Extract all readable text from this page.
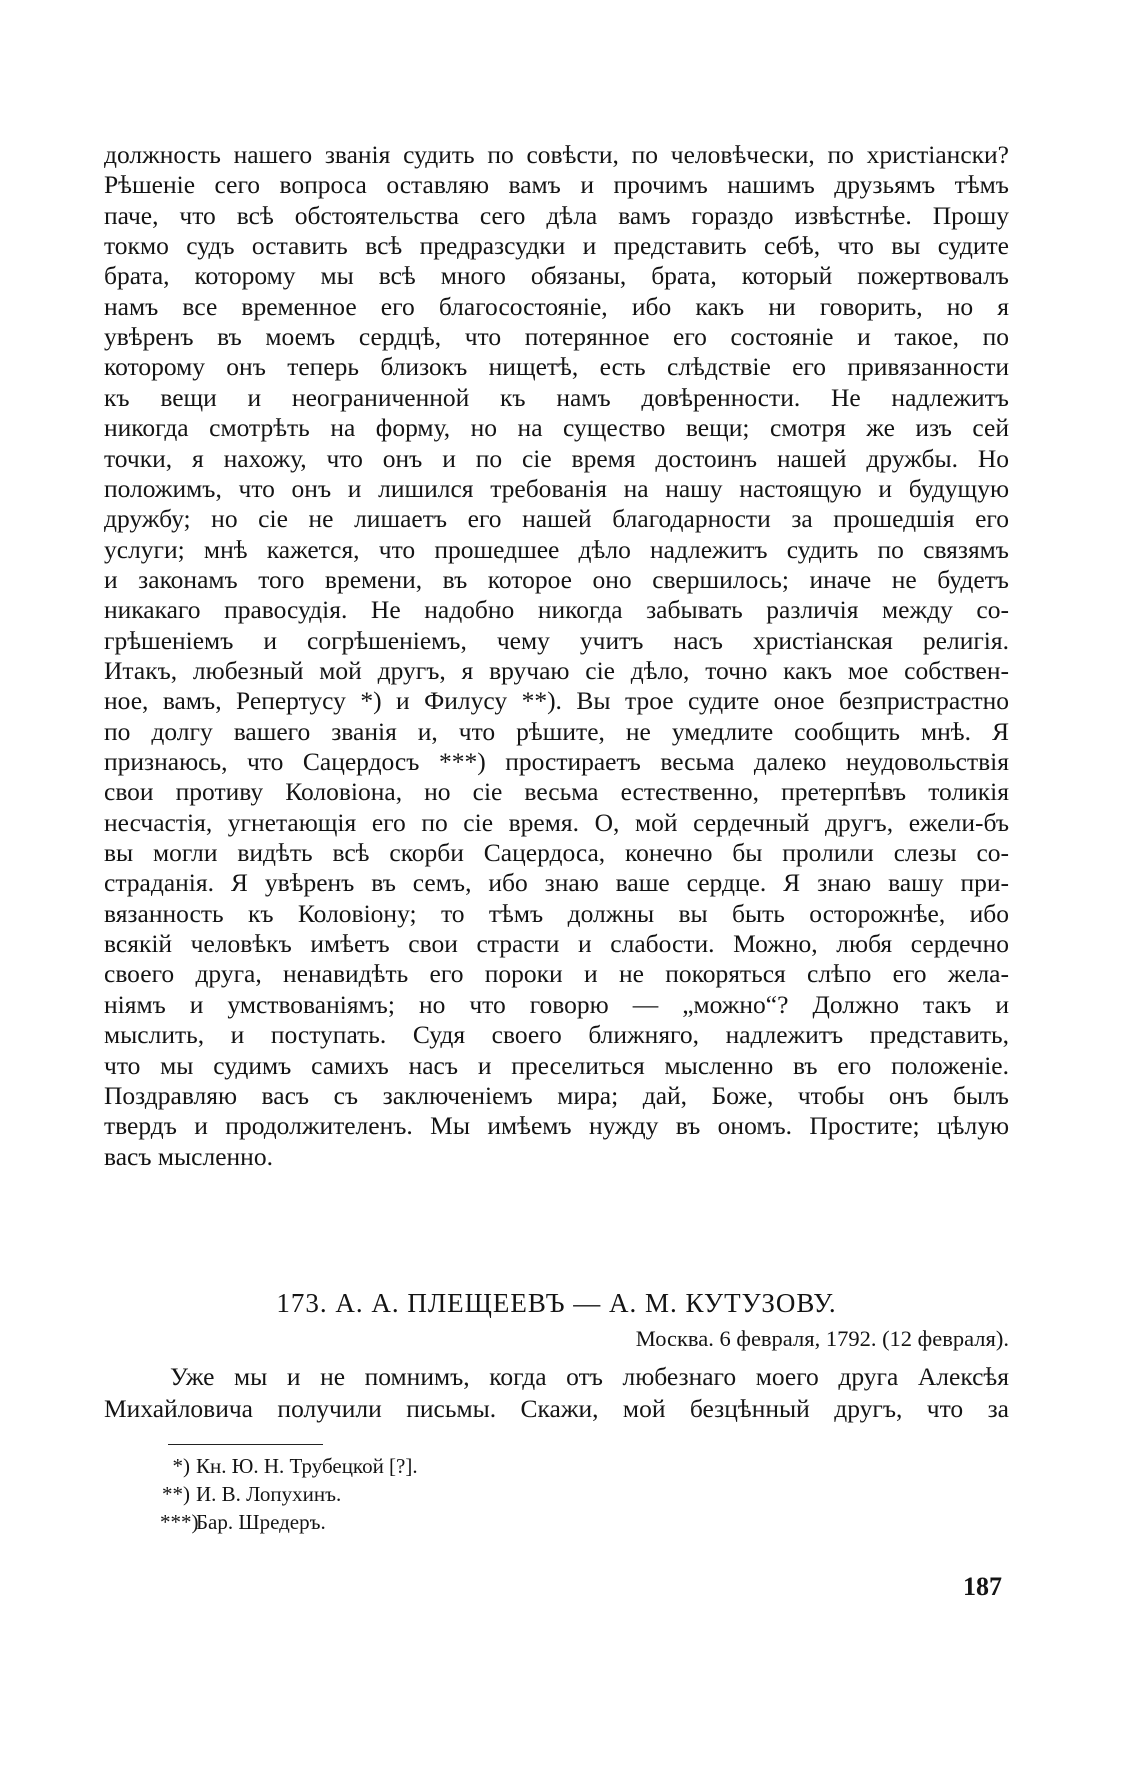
должность нашего званія судить по совѣсти, по человѣчески, по христіански?
Рѣшеніе сего вопроса оставляю вамъ и прочимъ нашимъ друзьямъ тѣмъ
паче, что всѣ обстоятельства сего дѣла вамъ гораздо извѣстнѣе. Прошу
токмо судъ оставить всѣ предразсудки и представить себѣ, что вы судите
брата, которому мы всѣ много обязаны, брата, который пожертвовалъ
намъ все временное его благосостояніе, ибо какъ ни говорить, но я
увѣренъ въ моемъ сердцѣ, что потерянное его состояніе и такое, по
которому онъ теперь близокъ нищетѣ, есть слѣдствіе его привязанности
къ вещи и неограниченной къ намъ довѣренности. Не надлежитъ
никогда смотрѣть на форму, но на существо вещи; смотря же изъ сей
точки, я нахожу, что онъ и по сіе время достоинъ нашей дружбы. Но
положимъ, что онъ и лишился требованія на нашу настоящую и будущую
дружбу; но сіе не лишаетъ его нашей благодарности за прошедшія его
услуги; мнѣ кажется, что прошедшее дѣло надлежитъ судить по связямъ
и законамъ того времени, въ которое оно свершилось; иначе не будетъ
никакаго правосудія. Не надобно никогда забывать различія между со-
грѣшеніемъ и согрѣшеніемъ, чему учитъ насъ христіанская религія.
Итакъ, любезный мой другъ, я вручаю сіе дѣло, точно какъ мое собствен-
ное, вамъ, Репертусу *) и Филусу **). Вы трое судите оное безпристрастно
по долгу вашего званія и, что рѣшите, не умедлите сообщить мнѣ. Я
признаюсь, что Сацердосъ ***) простираетъ весьма далеко неудовольствія
свои противу Коловіона, но сіе весьма естественно, претерпѣвъ толикія
несчастія, угнетающія его по сіе время. О, мой сердечный другъ, ежели-бъ
вы могли видѣть всѣ скорби Сацердоса, конечно бы пролили слезы со-
страданія. Я увѣренъ въ семъ, ибо знаю ваше сердце. Я знаю вашу при-
вязанность къ Коловіону; то тѣмъ должны вы быть осторожнѣе, ибо
всякій человѣкъ имѣетъ свои страсти и слабости. Можно, любя сердечно
своего друга, ненавидѣть его пороки и не покоряться слѣпо его жела-
ніямъ и умствованіямъ; но что говорю — „можно“? Должно такъ и
мыслить, и поступать. Судя своего ближняго, надлежитъ представить,
что мы судимъ самихъ насъ и преселиться мысленно въ его положеніе.
Поздравляю васъ съ заключеніемъ мира; дай, Боже, чтобы онъ былъ
твердъ и продолжителенъ. Мы имѣемъ нужду въ ономъ. Простите; цѣлую
васъ мысленно.
173. А. А. ПЛЕЩЕЕВЪ — А. М. КУТУЗОВУ.
Москва. 6 февраля, 1792. (12 февраля).
Уже мы и не помнимъ, когда отъ любезнаго моего друга Алексѣя
Михайловича получили письмы. Скажи, мой безцѣнный другъ, что за
*) Кн. Ю. Н. Трубецкой [?].
**) И. В. Лопухинъ.
***)Бар. Шредеръ.
187
